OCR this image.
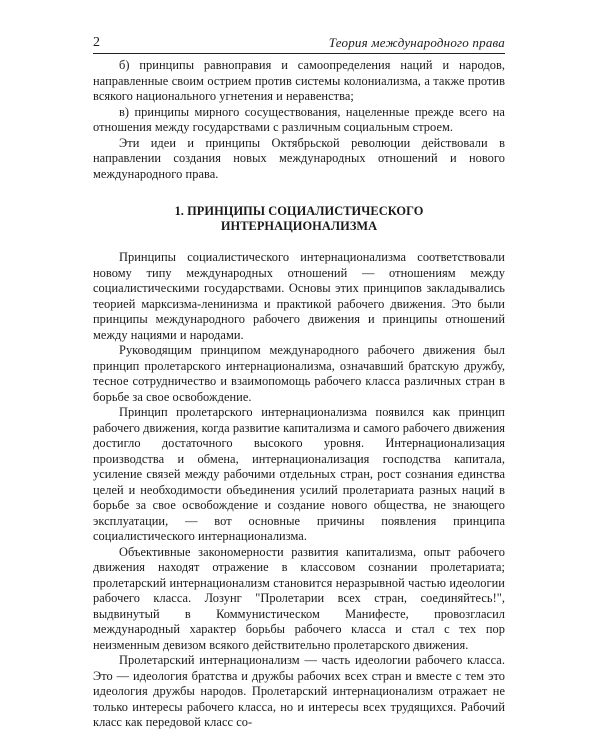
2	Теория международного права

б) принципы равноправия и самоопределения наций и народов, направленные своим острием против системы колониализма, а также против всякого национального угнетения и неравенства;

в) принципы мирного сосуществования, нацеленные прежде всего на отношения между государствами с различным социальным строем.

Эти идеи и принципы Октябрьской революции действовали в направлении создания новых международных отношений и нового международного права.

1. ПРИНЦИПЫ СОЦИАЛИСТИЧЕСКОГО
ИНТЕРНАЦИОНАЛИЗМА

Принципы социалистического интернационализма соответствовали новому типу международных отношений — отношениям между социалистическими государствами. Основы этих принципов закладывались теорией марксизма-ленинизма и практикой рабочего движения. Это были принципы международного рабочего движения и принципы отношений между нациями и народами.

Руководящим принципом международного рабочего движения был принцип пролетарского интернационализма, означавший братскую дружбу, тесное сотрудничество и взаимопомощь рабочего класса различных стран в борьбе за свое освобождение.

Принцип пролетарского интернационализма появился как принцип рабочего движения, когда развитие капитализма и самого рабочего движения достигло достаточного высокого уровня. Интернационализация производства и обмена, интернационализация господства капитала, усиление связей между рабочими отдельных стран, рост сознания единства целей и необходимости объединения усилий пролетариата разных наций в борьбе за свое освобождение и создание нового общества, не знающего эксплуатации, — вот основные причины появления принципа социалистического интернационализма.

Объективные закономерности развития капитализма, опыт рабочего движения находят отражение в классовом сознании пролетариата; пролетарский интернационализм становится неразрывной частью идеологии рабочего класса. Лозунг "Пролетарии всех стран, соединяйтесь!", выдвинутый в Коммунистическом Манифесте, провозгласил международный характер борьбы рабочего класса и стал с тех пор неизменным девизом всякого действительно пролетарского движения.

Пролетарский интернационализм — часть идеологии рабочего класса. Это — идеология братства и дружбы рабочих всех стран и вместе с тем это идеология дружбы народов. Пролетарский интернационализм отражает не только интересы рабочего класса, но и интересы всех трудящихся. Рабочий класс как передовой класс со-
